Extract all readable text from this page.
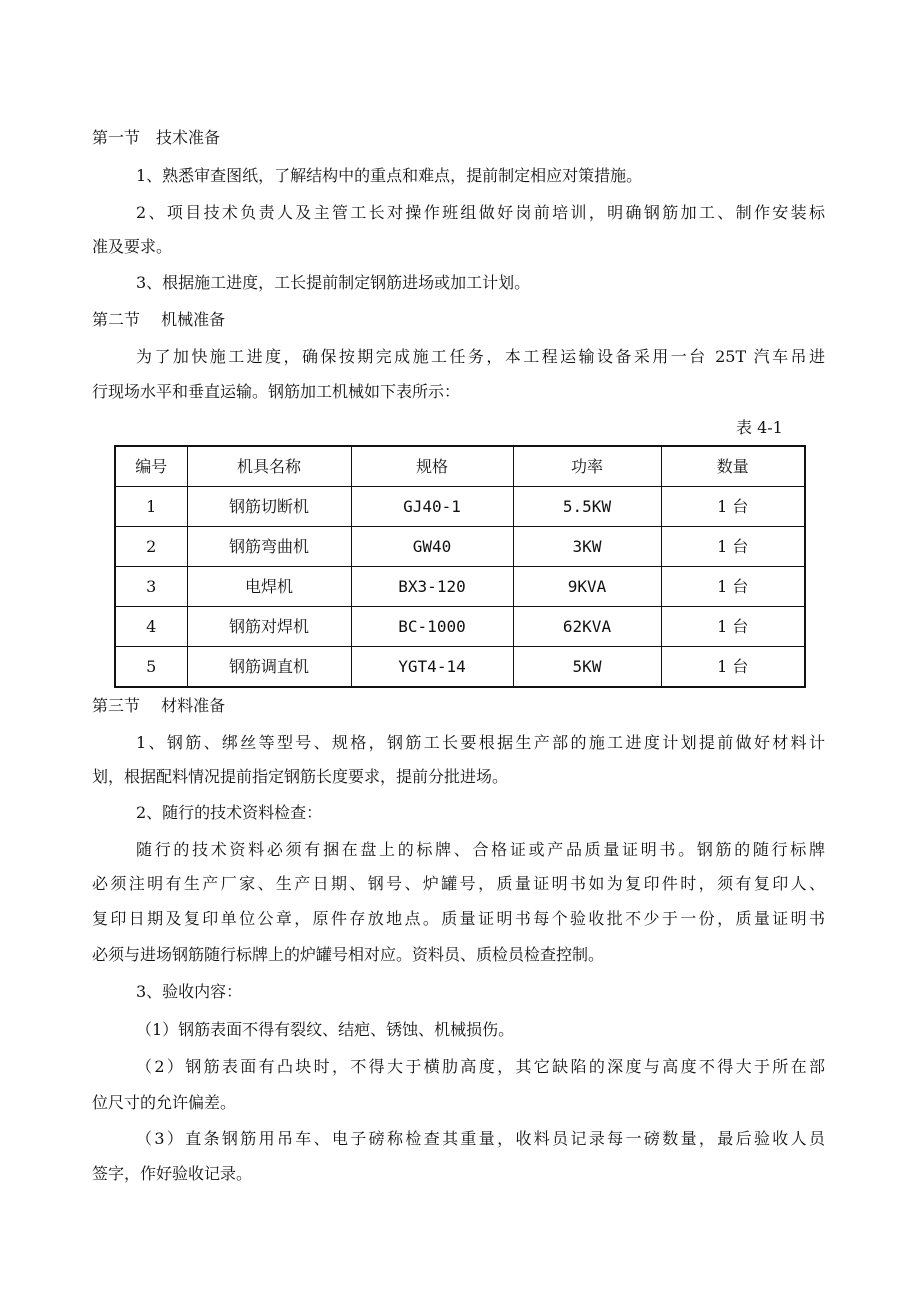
第一节　技术准备
1、熟悉审查图纸，了解结构中的重点和难点，提前制定相应对策措施。
2、项目技术负责人及主管工长对操作班组做好岗前培训，明确钢筋加工、制作安装标
准及要求。
3、根据施工进度，工长提前制定钢筋进场或加工计划。
第二节　 机械准备
为了加快施工进度，确保按期完成施工任务，本工程运输设备采用一台 25T 汽车吊进
行现场水平和垂直运输。钢筋加工机械如下表所示：
表 4-1
编号	机具名称	规格	功率	数量
1	钢筋切断机	GJ40-1	5.5KW	1 台
2	钢筋弯曲机	GW40	3KW	1 台
3	电焊机	BX3-120	9KVA	1 台
4	钢筋对焊机	BC-1000	62KVA	1 台
5	钢筋调直机	YGT4-14	5KW	1 台
第三节　 材料准备
1、钢筋、绑丝等型号、规格，钢筋工长要根据生产部的施工进度计划提前做好材料计
划，根据配料情况提前指定钢筋长度要求，提前分批进场。
2、随行的技术资料检查：
随行的技术资料必须有捆在盘上的标牌、合格证或产品质量证明书。钢筋的随行标牌
必须注明有生产厂家、生产日期、钢号、炉罐号，质量证明书如为复印件时，须有复印人、
复印日期及复印单位公章，原件存放地点。质量证明书每个验收批不少于一份，质量证明书
必须与进场钢筋随行标牌上的炉罐号相对应。资料员、质检员检查控制。
3、验收内容：
（1）钢筋表面不得有裂纹、结疤、锈蚀、机械损伤。
（2）钢筋表面有凸块时，不得大于横肋高度，其它缺陷的深度与高度不得大于所在部
位尺寸的允许偏差。
（3）直条钢筋用吊车、电子磅称检查其重量，收料员记录每一磅数量，最后验收人员
签字，作好验收记录。
